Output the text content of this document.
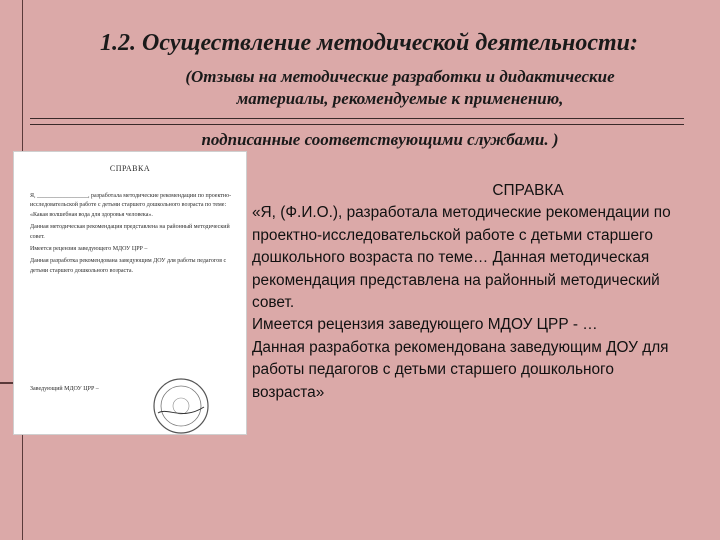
1.2. Осуществление методической деятельности:
(Отзывы на методические разработки и дидактические
материалы, рекомендуемые к применению,
подписанные соответствующими службами. )
СПРАВКА
Я, _________________, разработала методические рекомендации по проектно-исследовательской работе с детьми старшего дошкольного возраста по теме: «Какая волшебная вода для здоровья человека».
Данная методическая рекомендация представлена на районный методический совет.
Имеется рецензия заведующего МДОУ ЦРР –
Данная разработка рекомендована заведующим ДОУ для работы педагогов с детьми старшего дошкольного возраста.
Заведующий МДОУ ЦРР –
СПРАВКА
«Я, (Ф.И.О.), разработала методические рекомендации по проектно-исследовательской работе с детьми старшего дошкольного возраста по теме… Данная методическая рекомендация представлена на районный методический совет.
Имеется рецензия заведующего МДОУ ЦРР - …
Данная разработка рекомендована заведующим ДОУ для работы педагогов с детьми старшего дошкольного возраста»
